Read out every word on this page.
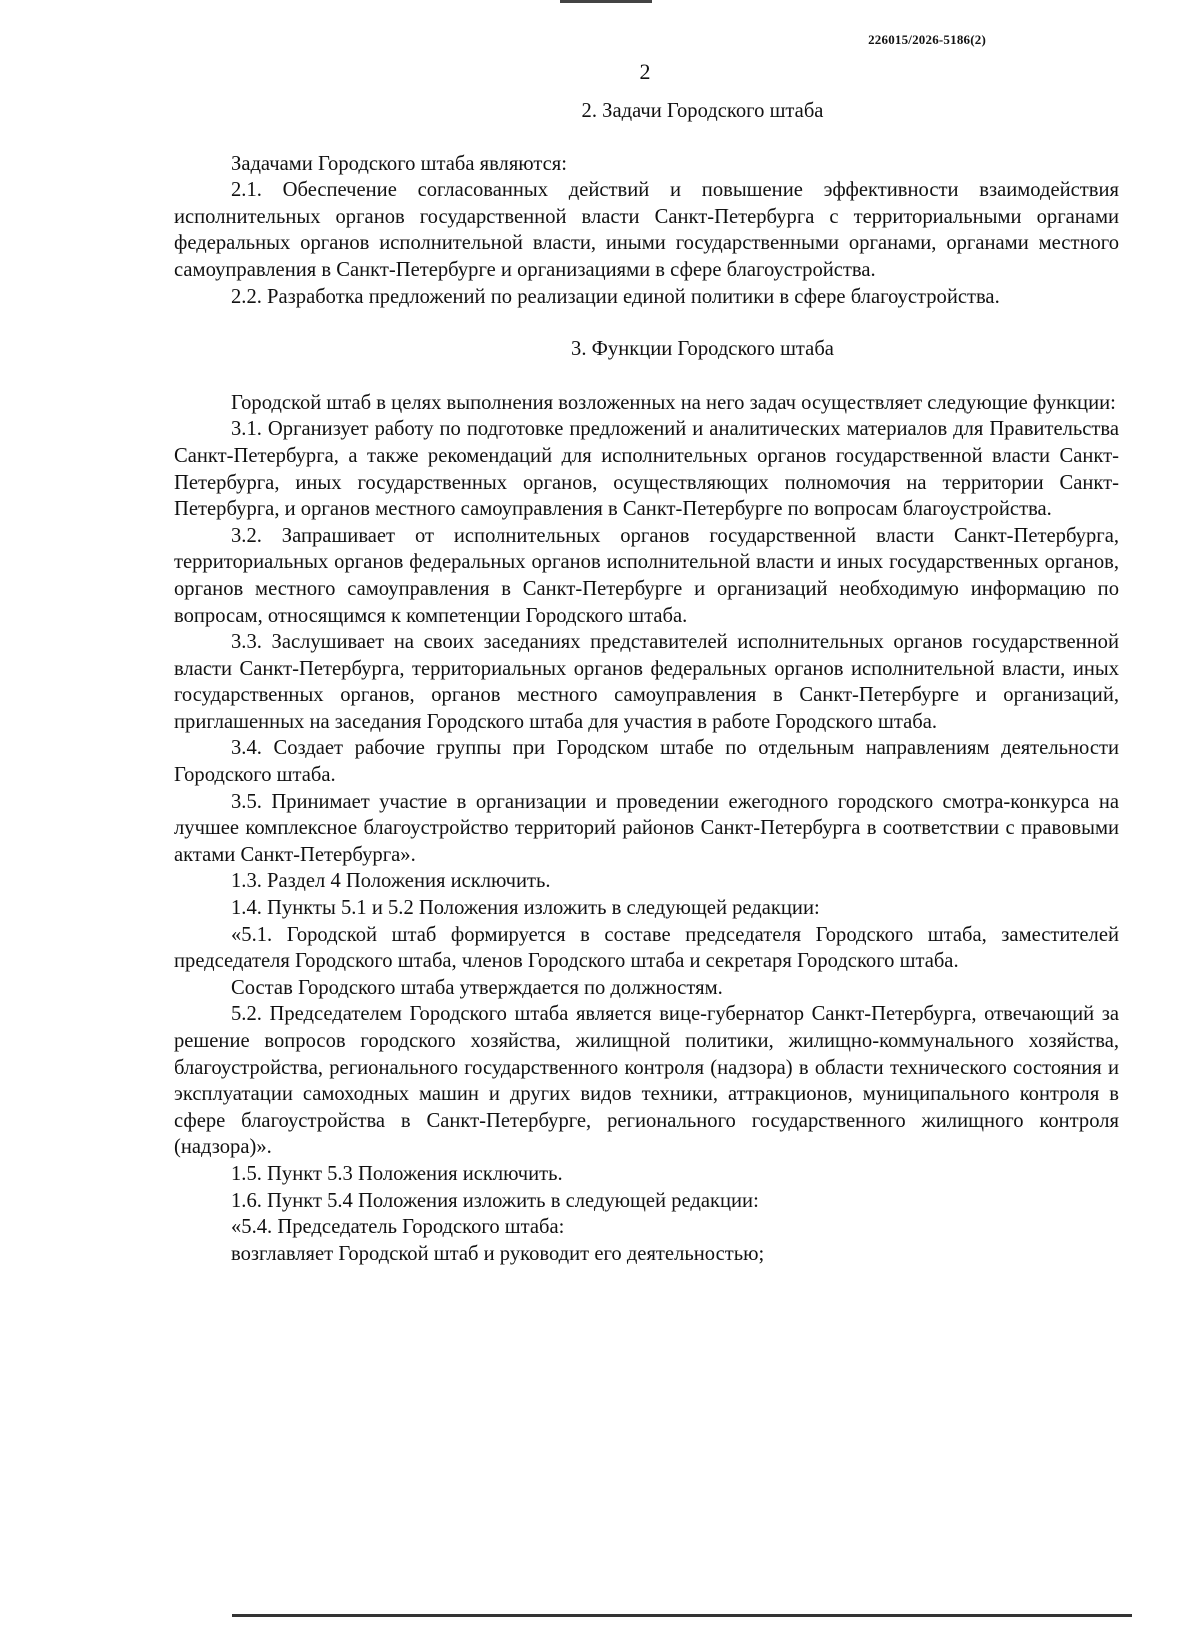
226015/2026-5186(2)
2
2. Задачи Городского штаба

Задачами Городского штаба являются:

2.1. Обеспечение согласованных действий и повышение эффективности взаимодействия исполнительных органов государственной власти Санкт-Петербурга с территориальными органами федеральных органов исполнительной власти, иными государственными органами, органами местного самоуправления в Санкт-Петербурге и организациями в сфере благоустройства.

2.2. Разработка предложений по реализации единой политики в сфере благоустройства.

3. Функции Городского штаба

Городской штаб в целях выполнения возложенных на него задач осуществляет следующие функции:

3.1. Организует работу по подготовке предложений и аналитических материалов для Правительства Санкт-Петербурга, а также рекомендаций для исполнительных органов государственной власти Санкт-Петербурга, иных государственных органов, осуществляющих полномочия на территории Санкт-Петербурга, и органов местного самоуправления в Санкт-Петербурге по вопросам благоустройства.

3.2. Запрашивает от исполнительных органов государственной власти Санкт-Петербурга, территориальных органов федеральных органов исполнительной власти и иных государственных органов, органов местного самоуправления в Санкт-Петербурге и организаций необходимую информацию по вопросам, относящимся к компетенции Городского штаба.

3.3. Заслушивает на своих заседаниях представителей исполнительных органов государственной власти Санкт-Петербурга, территориальных органов федеральных органов исполнительной власти, иных государственных органов, органов местного самоуправления в Санкт-Петербурге и организаций, приглашенных на заседания Городского штаба для участия в работе Городского штаба.

3.4. Создает рабочие группы при Городском штабе по отдельным направлениям деятельности Городского штаба.

3.5. Принимает участие в организации и проведении ежегодного городского смотра-конкурса на лучшее комплексное благоустройство территорий районов Санкт-Петербурга в соответствии с правовыми актами Санкт-Петербурга».

1.3. Раздел 4 Положения исключить.

1.4. Пункты 5.1 и 5.2 Положения изложить в следующей редакции:

«5.1. Городской штаб формируется в составе председателя Городского штаба, заместителей председателя Городского штаба, членов Городского штаба и секретаря Городского штаба.

Состав Городского штаба утверждается по должностям.

5.2. Председателем Городского штаба является вице-губернатор Санкт-Петербурга, отвечающий за решение вопросов городского хозяйства, жилищной политики, жилищно-коммунального хозяйства, благоустройства, регионального государственного контроля (надзора) в области технического состояния и эксплуатации самоходных машин и других видов техники, аттракционов, муниципального контроля в сфере благоустройства в Санкт-Петербурге, регионального государственного жилищного контроля (надзора)».

1.5. Пункт 5.3 Положения исключить.

1.6. Пункт 5.4 Положения изложить в следующей редакции:

«5.4. Председатель Городского штаба:

возглавляет Городской штаб и руководит его деятельностью;
